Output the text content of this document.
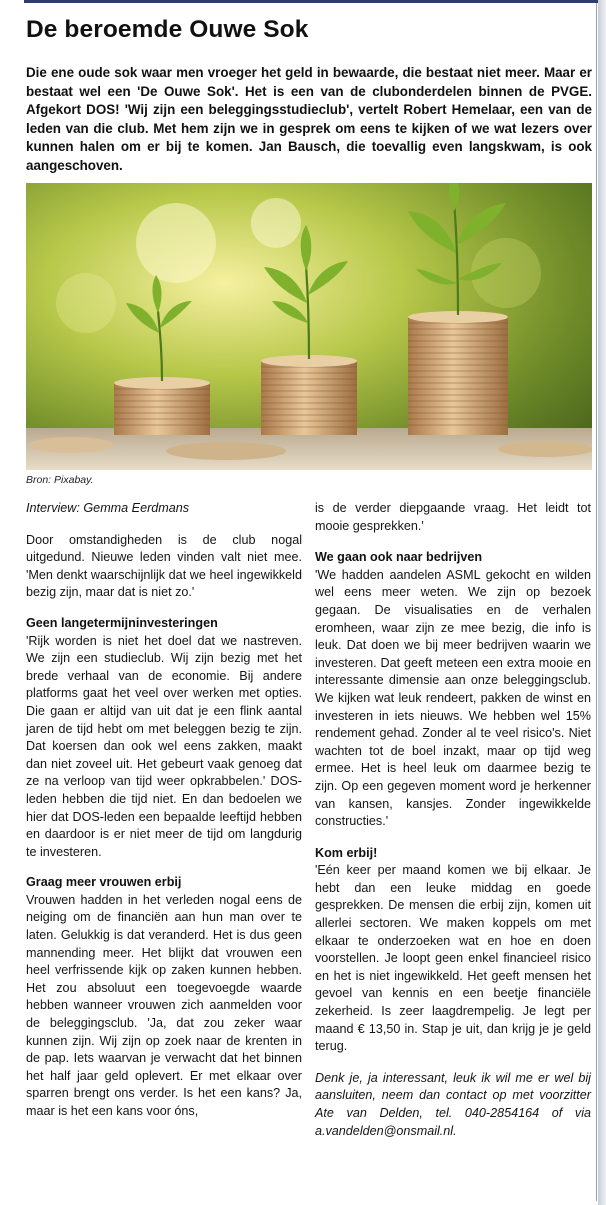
De beroemde Ouwe Sok

Die ene oude sok waar men vroeger het geld in bewaarde, die bestaat niet meer. Maar er bestaat wel een 'De Ouwe Sok'. Het is een van de clubonderdelen binnen de PVGE. Afgekort DOS! 'Wij zijn een beleggingsstudieclub', vertelt Robert Hemelaar, een van de leden van die club. Met hem zijn we in gesprek om eens te kijken of we wat lezers over kunnen halen om er bij te komen. Jan Bausch, die toevallig even langskwam, is ook aangeschoven.

Bron: Pixabay.

Interview: Gemma Eerdmans

Door omstandigheden is de club nogal uitgedund. Nieuwe leden vinden valt niet mee. 'Men denkt waarschijnlijk dat we heel ingewikkeld bezig zijn, maar dat is niet zo.'

Geen langetermijninvesteringen

'Rijk worden is niet het doel dat we nastreven. We zijn een studieclub. Wij zijn bezig met het brede verhaal van de economie. Bij andere platforms gaat het veel over werken met opties. Die gaan er altijd van uit dat je een flink aantal jaren de tijd hebt om met beleggen bezig te zijn. Dat koersen dan ook wel eens zakken, maakt dan niet zoveel uit. Het gebeurt vaak genoeg dat ze na verloop van tijd weer opkrabbelen.' DOS-leden hebben die tijd niet. En dan bedoelen we hier dat DOS-leden een bepaalde leeftijd hebben en daardoor is er niet meer de tijd om langdurig te investeren.

Graag meer vrouwen erbij

Vrouwen hadden in het verleden nogal eens de neiging om de financiën aan hun man over te laten. Gelukkig is dat veranderd. Het is dus geen mannending meer. Het blijkt dat vrouwen een heel verfrissende kijk op zaken kunnen hebben. Het zou absoluut een toegevoegde waarde hebben wanneer vrouwen zich aanmelden voor de beleggingsclub. 'Ja, dat zou zeker waar kunnen zijn. Wij zijn op zoek naar de krenten in de pap. Iets waarvan je verwacht dat het binnen het half jaar geld oplevert. Er met elkaar over sparren brengt ons verder. Is het een kans? Ja, maar is het een kans voor óns,

is de verder diepgaande vraag. Het leidt tot mooie gesprekken.'

We gaan ook naar bedrijven

'We hadden aandelen ASML gekocht en wilden wel eens meer weten. We zijn op bezoek gegaan. De visualisaties en de verhalen eromheen, waar zijn ze mee bezig, die info is leuk. Dat doen we bij meer bedrijven waarin we investeren. Dat geeft meteen een extra mooie en interessante dimensie aan onze beleggingsclub. We kijken wat leuk rendeert, pakken de winst en investeren in iets nieuws. We hebben wel 15% rendement gehad. Zonder al te veel risico's. Niet wachten tot de boel inzakt, maar op tijd weg ermee. Het is heel leuk om daarmee bezig te zijn. Op een gegeven moment word je herkenner van kansen, kansjes. Zonder ingewikkelde constructies.'

Kom erbij!

'Eén keer per maand komen we bij elkaar. Je hebt dan een leuke middag en goede gesprekken. De mensen die erbij zijn, komen uit allerlei sectoren. We maken koppels om met elkaar te onderzoeken wat en hoe en doen voorstellen. Je loopt geen enkel financieel risico en het is niet ingewikkeld. Het geeft mensen het gevoel van kennis en een beetje financiële zekerheid. Is zeer laagdrempelig. Je legt per maand € 13,50 in. Stap je uit, dan krijg je je geld terug.

Denk je, ja interessant, leuk ik wil me er wel bij aansluiten, neem dan contact op met voorzitter Ate van Delden, tel. 040-2854164 of via a.vandelden@onsmail.nl.
